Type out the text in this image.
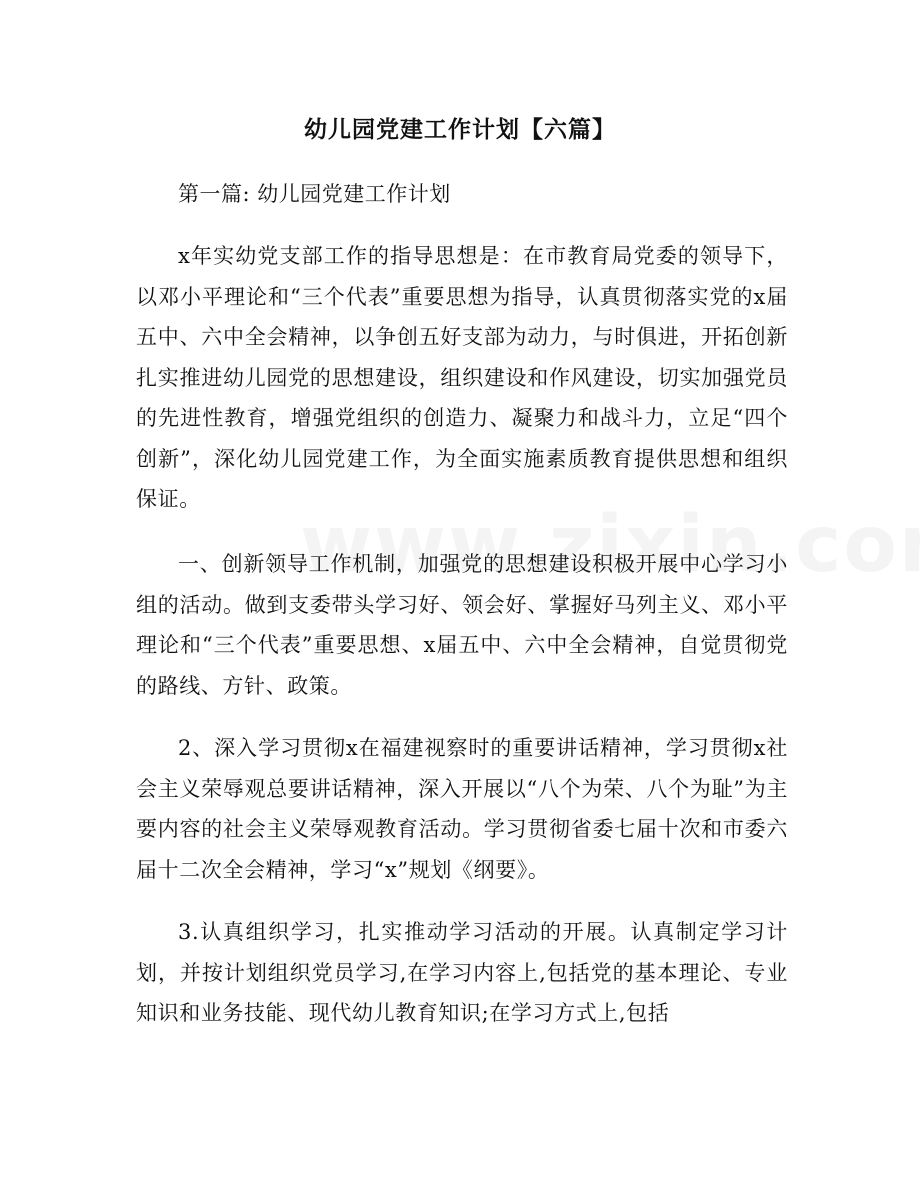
幼儿园党建工作计划【六篇】
第一篇: 幼儿园党建工作计划

x年实幼党支部工作的指导思想是：在市教育局党委的领导下，以邓小平理论和“三个代表”重要思想为指导，认真贯彻落实党的x届五中、六中全会精神，以争创五好支部为动力，与时俱进，开拓创新扎实推进幼儿园党的思想建设，组织建设和作风建设，切实加强党员的先进性教育，增强党组织的创造力、凝聚力和战斗力，立足“四个创新”，深化幼儿园党建工作，为全面实施素质教育提供思想和组织保证。

一、创新领导工作机制，加强党的思想建设积极开展中心学习小组的活动。做到支委带头学习好、领会好、掌握好马列主义、邓小平理论和“三个代表”重要思想、x届五中、六中全会精神，自觉贯彻党的路线、方针、政策。

2、深入学习贯彻x在福建视察时的重要讲话精神，学习贯彻x社会主义荣辱观总要讲话精神，深入开展以“八个为荣、八个为耻”为主要内容的社会主义荣辱观教育活动。学习贯彻省委七届十次和市委六届十二次全会精神，学习“x”规划《纲要》。

3.认真组织学习，扎实推动学习活动的开展。认真制定学习计划，并按计划组织党员学习,在学习内容上,包括党的基本理论、专业知识和业务技能、现代幼儿教育知识;在学习方式上,包括
